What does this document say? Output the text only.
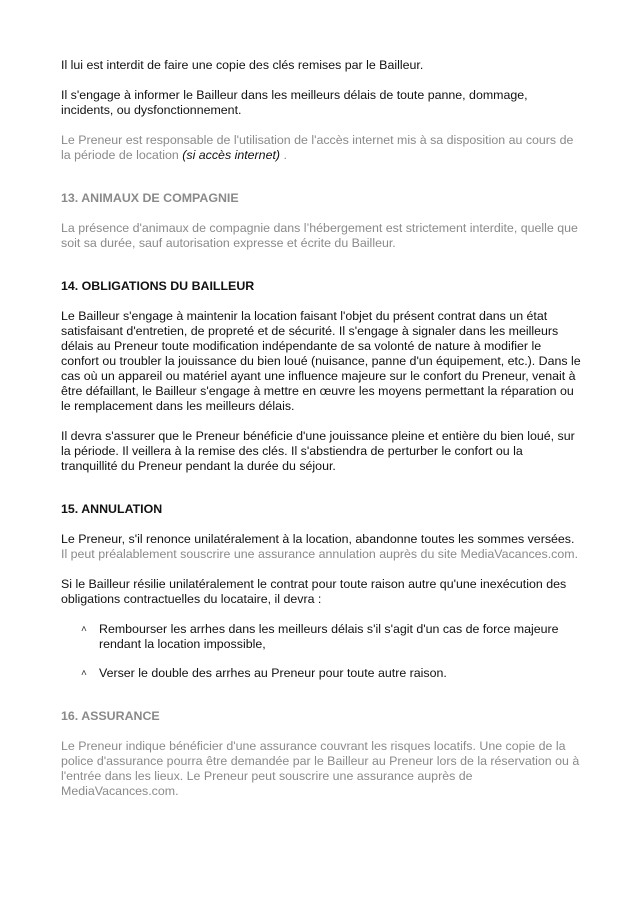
Il lui est interdit de faire une copie des clés remises par le Bailleur.

Il s'engage à informer le Bailleur dans les meilleurs délais de toute panne, dommage, incidents, ou dysfonctionnement.

Le Preneur est responsable de l'utilisation de l'accès internet mis à sa disposition au cours de la période de location (si accès internet) .

13. ANIMAUX DE COMPAGNIE

La présence d'animaux de compagnie dans l’hébergement est strictement interdite, quelle que soit sa durée, sauf autorisation expresse et écrite du Bailleur.

14. OBLIGATIONS DU BAILLEUR

Le Bailleur s'engage à maintenir la location faisant l'objet du présent contrat dans un état satisfaisant d'entretien, de propreté et de sécurité. Il s'engage à signaler dans les meilleurs délais au Preneur toute modification indépendante de sa volonté de nature à modifier le confort ou troubler la jouissance du bien loué (nuisance, panne d'un équipement, etc.). Dans le cas où un appareil ou matériel ayant une influence majeure sur le confort du Preneur, venait à être défaillant, le Bailleur s'engage à mettre en œuvre les moyens permettant la réparation ou le remplacement dans les meilleurs délais.

Il devra s'assurer que le Preneur bénéficie d'une jouissance pleine et entière du bien loué, sur la période. Il veillera à la remise des clés. Il s'abstiendra de perturber le confort ou la tranquillité du Preneur pendant la durée du séjour.

15. ANNULATION

Le Preneur, s'il renonce unilatéralement à la location, abandonne toutes les sommes versées. Il peut préalablement souscrire une assurance annulation auprès du site MediaVacances.com.

Si le Bailleur résilie unilatéralement le contrat pour toute raison autre qu'une inexécution des obligations contractuelles du locataire, il devra :

˄ Rembourser les arrhes dans les meilleurs délais s'il s'agit d'un cas de force majeure rendant la location impossible,
˄ Verser le double des arrhes au Preneur pour toute autre raison.

16. ASSURANCE

Le Preneur indique bénéficier d'une assurance couvrant les risques locatifs. Une copie de la police d'assurance pourra être demandée par le Bailleur au Preneur lors de la réservation ou à l'entrée dans les lieux. Le Preneur peut souscrire une assurance auprès de MediaVacances.com.
